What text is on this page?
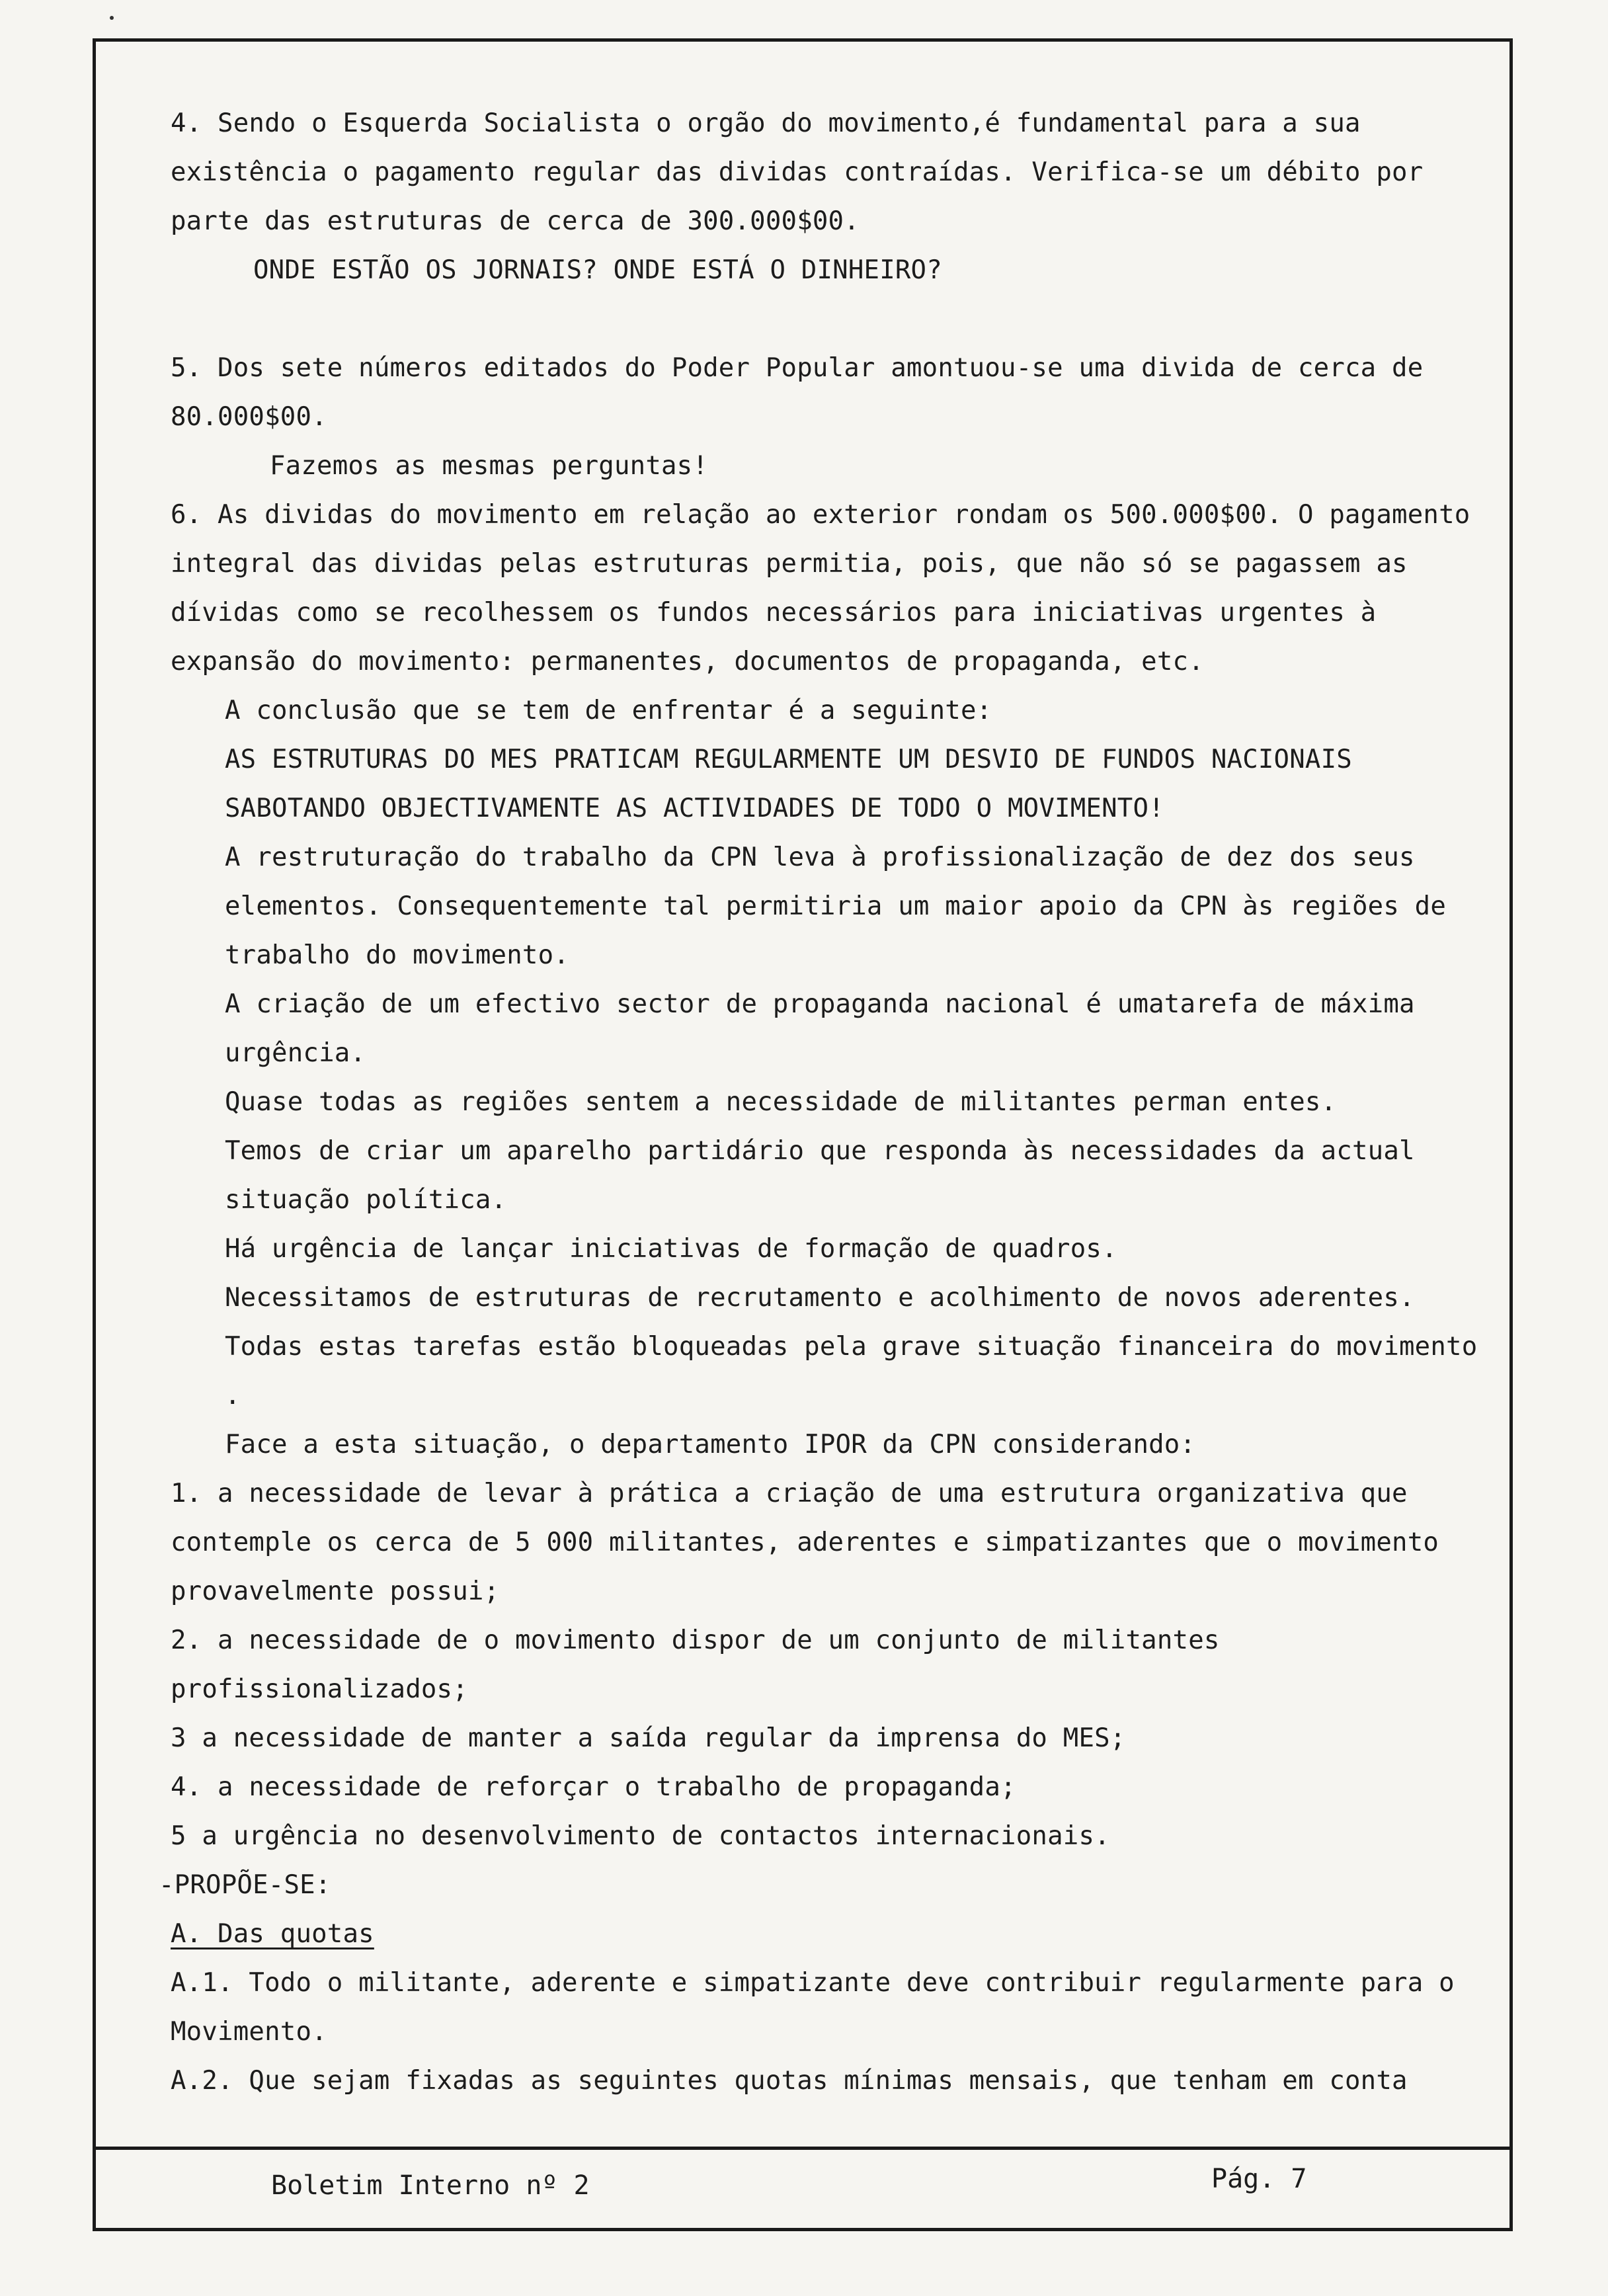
4. Sendo o Esquerda Socialista o orgão do movimento,é fundamental para a sua existência o pagamento regular das dividas contraídas. Verifica-se um débito por parte das estruturas de cerca de 300.000$00.

ONDE ESTÃO OS JORNAIS? ONDE ESTÁ O DINHEIRO?

5. Dos sete números editados do Poder Popular amontuou-se uma divida de cerca de 80.000$00.

Fazemos as mesmas perguntas!

6. As dividas do movimento em relação ao exterior rondam os 500.000$00. O pagamento integral das dividas pelas estruturas permitia, pois, que não só se pagassem as dívidas como se recolhessem os fundos necessários para iniciativas urgentes à expansão do movimento: permanentes, documentos de propaganda, etc.

A conclusão que se tem de enfrentar é a seguinte:

AS ESTRUTURAS DO MES PRATICAM REGULARMENTE UM DESVIO DE FUNDOS NACIONAIS SABOTANDO OBJECTIVAMENTE AS ACTIVIDADES DE TODO O MOVIMENTO!

A restruturação do trabalho da CPN leva à profissionalização de dez dos seus elementos. Consequentemente tal permitiria um maior apoio da CPN às regiões de trabalho do movimento.

A criação de um efectivo sector de propaganda nacional é umatarefa de máxima urgência.

Quase todas as regiões sentem a necessidade de militantes perman entes.

Temos de criar um aparelho partidário que responda às necessidades da actual situação política.

Há urgência de lançar iniciativas de formação de quadros.

Necessitamos de estruturas de recrutamento e acolhimento de novos aderentes.

Todas estas tarefas estão bloqueadas pela grave situação financeira do movimento .

Face a esta situação, o departamento IPOR da CPN considerando:

1. a necessidade de levar à prática a criação de uma estrutura organizativa que contemple os cerca de 5 000 militantes, aderentes e simpatizantes que o movimento provavelmente possui;

2. a necessidade de o movimento dispor de um conjunto de militantes profissionalizados;

3 a necessidade de manter a saída regular da imprensa do MES;

4. a necessidade de reforçar o trabalho de propaganda;

5 a urgência no desenvolvimento de contactos internacionais.

-PROPÕE-SE:

A. Das quotas

A.1. Todo o militante, aderente e simpatizante deve contribuir regularmente para o Movimento.

A.2. Que sejam fixadas as seguintes quotas mínimas mensais, que tenham em conta

Boletim Interno nº 2	Pág. 7
